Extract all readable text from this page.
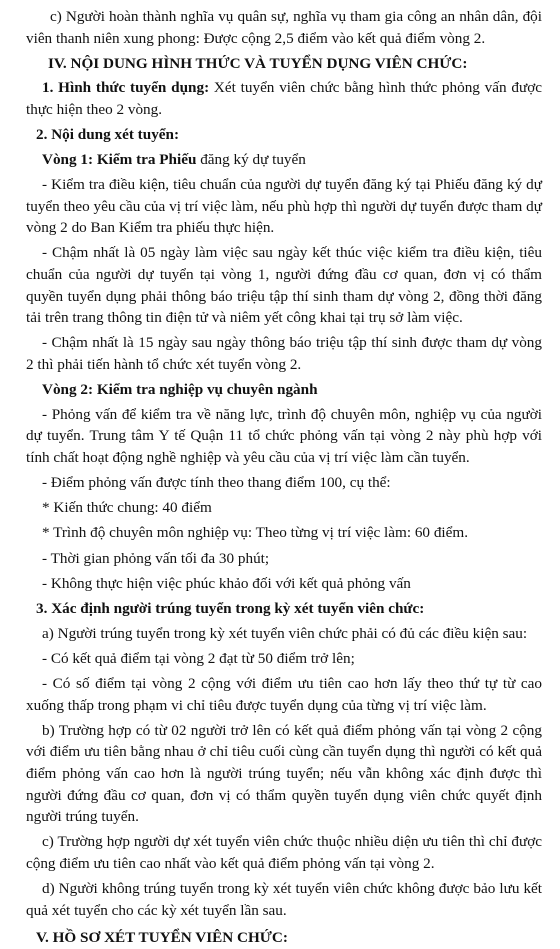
c) Người hoàn thành nghĩa vụ quân sự, nghĩa vụ tham gia công an nhân dân, đội viên thanh niên xung phong: Được cộng 2,5 điểm vào kết quả điểm vòng 2.

IV. NỘI DUNG HÌNH THỨC VÀ TUYỂN DỤNG VIÊN CHỨC:

1. Hình thức tuyển dụng: Xét tuyển viên chức bằng hình thức phỏng vấn được thực hiện theo 2 vòng.

2. Nội dung xét tuyển:

Vòng 1: Kiểm tra Phiếu đăng ký dự tuyển

- Kiểm tra điều kiện, tiêu chuẩn của người dự tuyển đăng ký tại Phiếu đăng ký dự tuyển theo yêu cầu của vị trí việc làm, nếu phù hợp thì người dự tuyển được tham dự vòng 2 do Ban Kiểm tra phiếu thực hiện.

- Chậm nhất là 05 ngày làm việc sau ngày kết thúc việc kiểm tra điều kiện, tiêu chuẩn của người dự tuyển tại vòng 1, người đứng đầu cơ quan, đơn vị có thẩm quyền tuyển dụng phải thông báo triệu tập thí sinh tham dự vòng 2, đồng thời đăng tải trên trang thông tin điện tử và niêm yết công khai tại trụ sở làm việc.

- Chậm nhất là 15 ngày sau ngày thông báo triệu tập thí sinh được tham dự vòng 2 thì phải tiến hành tổ chức xét tuyển vòng 2.

Vòng 2: Kiểm tra nghiệp vụ chuyên ngành

- Phỏng vấn để kiểm tra về năng lực, trình độ chuyên môn, nghiệp vụ của người dự tuyển. Trung tâm Y tế Quận 11 tổ chức phỏng vấn tại vòng 2 này phù hợp với tính chất hoạt động nghề nghiệp và yêu cầu của vị trí việc làm cần tuyển.

- Điểm phỏng vấn được tính theo thang điểm 100, cụ thể:

* Kiến thức chung: 40 điểm

* Trình độ chuyên môn nghiệp vụ: Theo từng vị trí việc làm: 60 điểm.

- Thời gian phỏng vấn tối đa 30 phút;

- Không thực hiện việc phúc khảo đối với kết quả phỏng vấn

3. Xác định người trúng tuyển trong kỳ xét tuyển viên chức:

a) Người trúng tuyển trong kỳ xét tuyển viên chức phải có đủ các điều kiện sau:

- Có kết quả điểm tại vòng 2 đạt từ 50 điểm trở lên;

- Có số điểm tại vòng 2 cộng với điểm ưu tiên cao hơn lấy theo thứ tự từ cao xuống thấp trong phạm vi chỉ tiêu được tuyển dụng của từng vị trí việc làm.

b) Trường hợp có từ 02 người trở lên có kết quả điểm phỏng vấn tại vòng 2 cộng với điểm ưu tiên bằng nhau ở chỉ tiêu cuối cùng cần tuyển dụng thì người có kết quả điểm phỏng vấn cao hơn là người trúng tuyển; nếu vẫn không xác định được thì người đứng đầu cơ quan, đơn vị có thẩm quyền tuyển dụng viên chức quyết định người trúng tuyển.

c) Trường hợp người dự xét tuyển viên chức thuộc nhiều diện ưu tiên thì chỉ được cộng điểm ưu tiên cao nhất vào kết quả điểm phỏng vấn tại vòng 2.

d) Người không trúng tuyển trong kỳ xét tuyển viên chức không được bảo lưu kết quả xét tuyển cho các kỳ xét tuyển lần sau.

V. HỒ SƠ XÉT TUYỂN VIÊN CHỨC:
